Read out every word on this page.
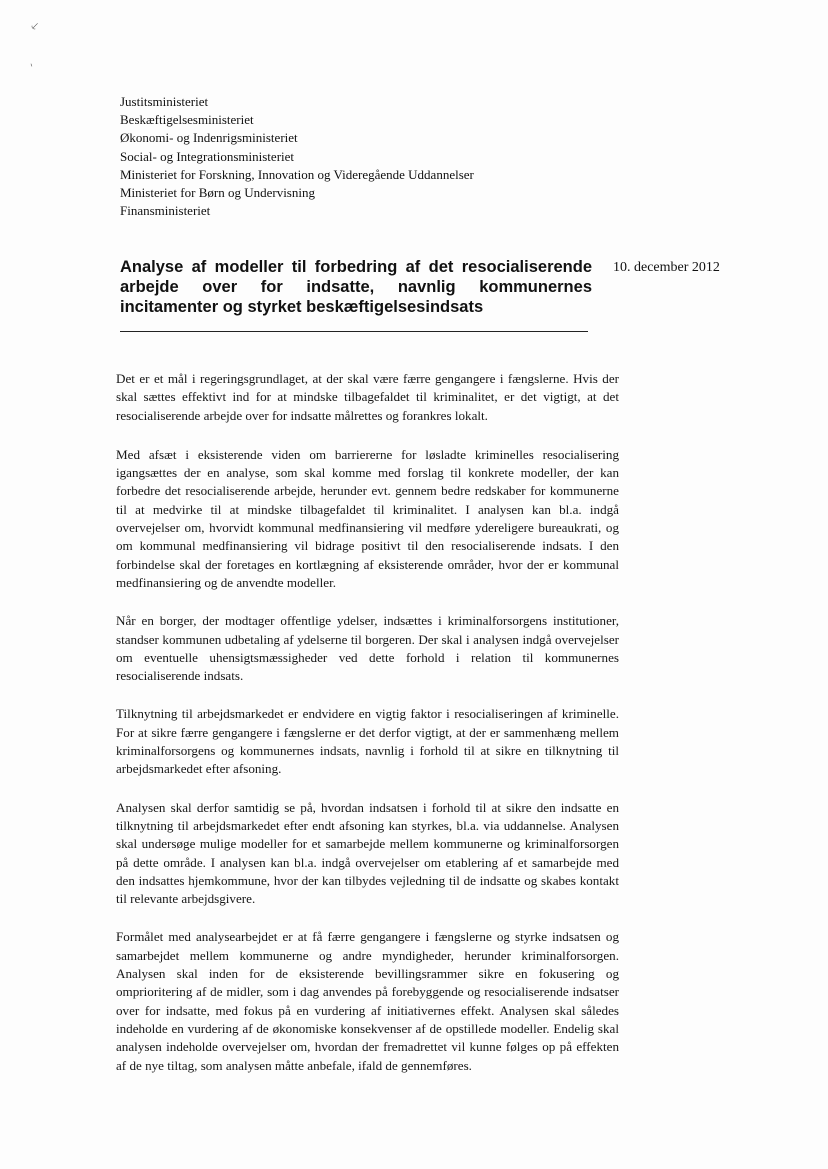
⸔
ٰ
Justitsministeriet
Beskæftigelsesministeriet
Økonomi- og Indenrigsministeriet
Social- og Integrationsministeriet
Ministeriet for Forskning, Innovation og Videregående Uddannelser
Ministeriet for Børn og Undervisning
Finansministeriet
Analyse af modeller til forbedring af det resocialiserende arbejde over for indsatte, navnlig kommunernes incitamenter og styrket beskæftigelsesindsats
10. december 2012

Det er et mål i regeringsgrundlaget, at der skal være færre gengangere i fængslerne. Hvis der skal sættes effektivt ind for at mindske tilbagefaldet til kriminalitet, er det vigtigt, at det resocialiserende arbejde over for indsatte målrettes og forankres lokalt.

Med afsæt i eksisterende viden om barriererne for løsladte kriminelles resocialisering igangsættes der en analyse, som skal komme med forslag til konkrete modeller, der kan forbedre det resocialiserende arbejde, herunder evt. gennem bedre redskaber for kommunerne til at medvirke til at mindske tilbagefaldet til kriminalitet. I analysen kan bl.a. indgå overvejelser om, hvorvidt kommunal medfinansiering vil medføre ydereligere bureaukrati, og om kommunal medfinansiering vil bidrage positivt til den resocialiserende indsats. I den forbindelse skal der foretages en kortlægning af eksisterende områder, hvor der er kommunal medfinansiering og de anvendte modeller.

Når en borger, der modtager offentlige ydelser, indsættes i kriminalforsorgens institutioner, standser kommunen udbetaling af ydelserne til borgeren. Der skal i analysen indgå overvejelser om eventuelle uhensigtsmæssigheder ved dette forhold i relation til kommunernes resocialiserende indsats.

Tilknytning til arbejdsmarkedet er endvidere en vigtig faktor i resocialiseringen af kriminelle. For at sikre færre gengangere i fængslerne er det derfor vigtigt, at der er sammenhæng mellem kriminalforsorgens og kommunernes indsats, navnlig i forhold til at sikre en tilknytning til arbejdsmarkedet efter afsoning.

Analysen skal derfor samtidig se på, hvordan indsatsen i forhold til at sikre den indsatte en tilknytning til arbejdsmarkedet efter endt afsoning kan styrkes, bl.a. via uddannelse. Analysen skal undersøge mulige modeller for et samarbejde mellem kommunerne og kriminalforsorgen på dette område. I analysen kan bl.a. indgå overvejelser om etablering af et samarbejde med den indsattes hjemkommune, hvor der kan tilbydes vejledning til de indsatte og skabes kontakt til relevante arbejdsgivere.

Formålet med analysearbejdet er at få færre gengangere i fængslerne og styrke indsatsen og samarbejdet mellem kommunerne og andre myndigheder, herunder kriminalforsorgen. Analysen skal inden for de eksisterende bevillingsrammer sikre en fokusering og omprioritering af de midler, som i dag anvendes på forebyggende og resocialiserende indsatser over for indsatte, med fokus på en vurdering af initiativernes effekt. Analysen skal således indeholde en vurdering af de økonomiske konsekvenser af de opstillede modeller. Endelig skal analysen indeholde overvejelser om, hvordan der fremadrettet vil kunne følges op på effekten af de nye tiltag, som analysen måtte anbefale, ifald de gennemføres.
